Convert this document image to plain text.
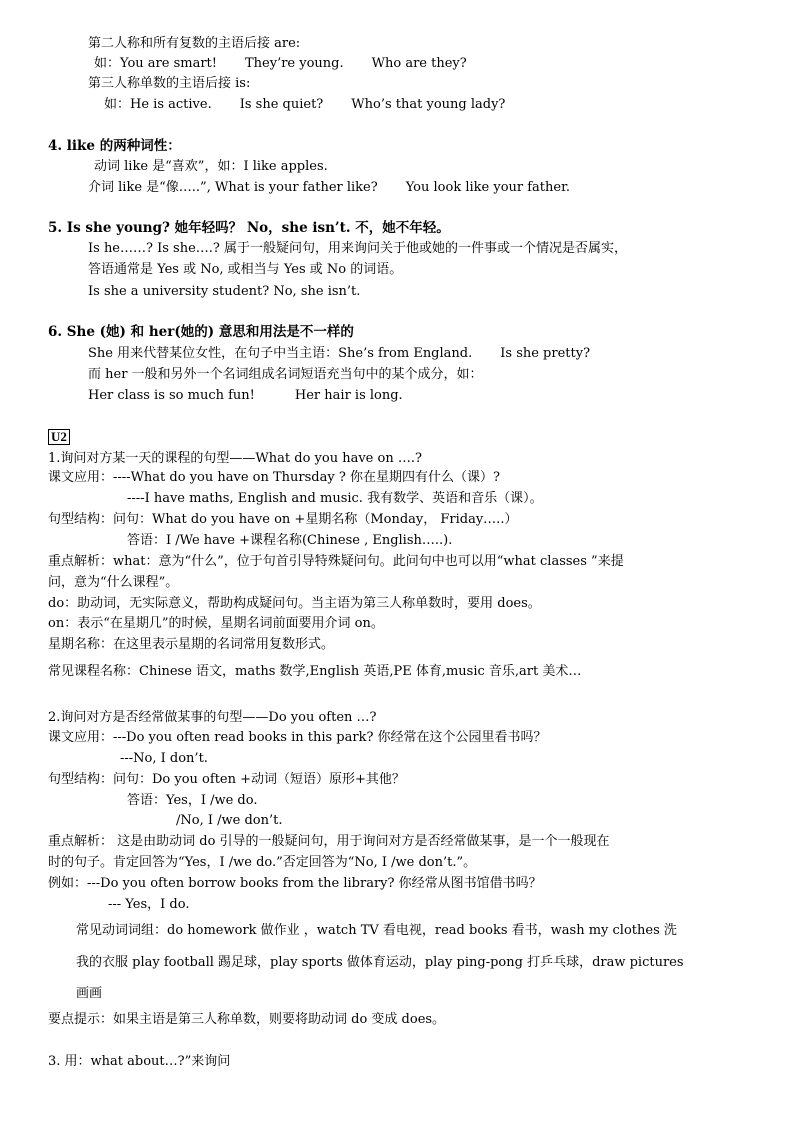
第二人称和所有复数的主语后接 are:
如：You are smart! They’re young. Who are they?
第三人称单数的主语后接 is:
如：He is active. Is she quiet? Who’s that young lady?
4. like 的两种词性：
动词 like 是“喜欢”，如：I like apples.
介词 like 是“像…..”, What is your father like? You look like your father.
5. Is she young? 她年轻吗？ No，she isn’t. 不，她不年轻。
Is he……? Is she….? 属于一般疑问句，用来询问关于他或她的一件事或一个情况是否属实，
答语通常是 Yes 或 No, 或相当与 Yes 或 No 的词语。
Is she a university student? No, she isn’t.
6. She (她) 和 her(她的) 意思和用法是不一样的
She 用来代替某位女性，在句子中当主语：She’s from England. Is she pretty?
而 her 一般和另外一个名词组成名词短语充当句中的某个成分，如：
Her class is so much fun!	Her hair is long.
U2
1.询问对方某一天的课程的句型——What do you have on ….?
课文应用：----What do you have on Thursday ? 你在星期四有什么（课）?
----I have maths, English and music. 我有数学、英语和音乐（课）。
句型结构：问句：What do you have on +星期名称（Monday， Friday…..）
答语：I /We have +课程名称(Chinese , English…..).
重点解析：what：意为“什么”，位于句首引导特殊疑问句。此问句中也可以用“what classes ”来提
问，意为“什么课程”。
do：助动词，无实际意义，帮助构成疑问句。当主语为第三人称单数时，要用 does。
on：表示“在星期几”的时候，星期名词前面要用介词 on。
星期名称：在这里表示星期的名词常用复数形式。
常见课程名称：Chinese 语文，maths 数学,English 英语,PE 体育,music 音乐,art 美术…
2.询问对方是否经常做某事的句型——Do you often …?
课文应用：---Do you often read books in this park? 你经常在这个公园里看书吗？
---No, I don’t.
句型结构：问句：Do you often +动词（短语）原形+其他？
答语：Yes，I /we do.
/No, I /we don’t.
重点解析： 这是由助动词 do 引导的一般疑问句，用于询问对方是否经常做某事，是一个一般现在
时的句子。肯定回答为“Yes，I /we do.”否定回答为“No, I /we don’t.”。
例如：---Do you often borrow books from the library? 你经常从图书馆借书吗？
--- Yes，I do.
常见动词词组：do homework 做作业 ，watch TV 看电视，read books 看书，wash my clothes 洗
我的衣服 play football 踢足球，play sports 做体育运动，play ping-pong 打乒乓球，draw pictures
画画
要点提示：如果主语是第三人称单数，则要将助动词 do 变成 does。
3. 用：what about…?”来询问
